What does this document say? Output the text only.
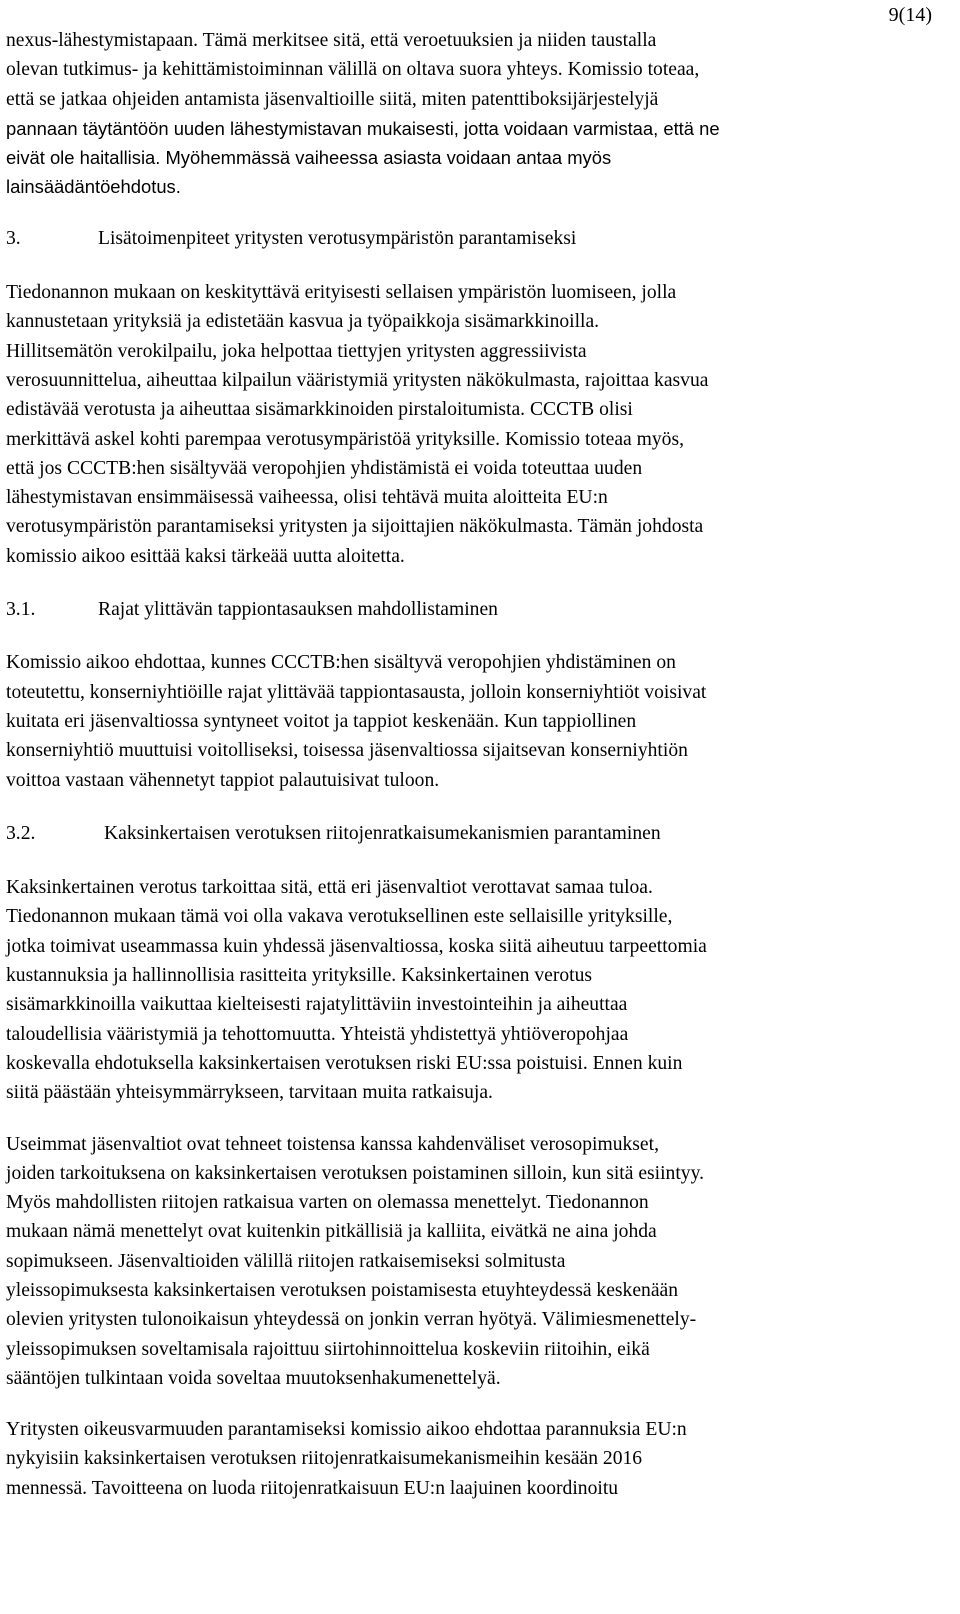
9(14)
nexus-lähestymistapaan. Tämä merkitsee sitä, että veroetuuksien ja niiden taustalla
olevan tutkimus- ja kehittämistoiminnan välillä on oltava suora yhteys. Komissio toteaa,
että se jatkaa ohjeiden antamista jäsenvaltioille siitä, miten patenttiboksijärjestelyjä
pannaan täytäntöön uuden lähestymistavan mukaisesti, jotta voidaan varmistaa, että ne
eivät ole haitallisia. Myöhemmässä vaiheessa asiasta voidaan antaa myös
lainsäädäntöehdotus.
3.	Lisätoimenpiteet yritysten verotusympäristön parantamiseksi
Tiedonannon mukaan on keskityttävä erityisesti sellaisen ympäristön luomiseen, jolla
kannustetaan yrityksiä ja edistetään kasvua ja työpaikkoja sisämarkkinoilla.
Hillitsemätön verokilpailu, joka helpottaa tiettyjen yritysten aggressiivista
verosuunnittelua, aiheuttaa kilpailun vääristymiä yritysten näkökulmasta, rajoittaa kasvua
edistävää verotusta ja aiheuttaa sisämarkkinoiden pirstaloitumista. CCCTB olisi
merkittävä askel kohti parempaa verotusympäristöä yrityksille. Komissio toteaa myös,
että jos CCCTB:hen sisältyvää veropohjien yhdistämistä ei voida toteuttaa uuden
lähestymistavan ensimmäisessä vaiheessa, olisi tehtävä muita aloitteita EU:n
verotusympäristön parantamiseksi yritysten ja sijoittajien näkökulmasta. Tämän johdosta
komissio aikoo esittää kaksi tärkeää uutta aloitetta.
3.1.	Rajat ylittävän tappiontasauksen mahdollistaminen
Komissio aikoo ehdottaa, kunnes CCCTB:hen sisältyvä veropohjien yhdistäminen on
toteutettu, konserniyhtiöille rajat ylittävää tappiontasausta, jolloin konserniyhtiöt voisivat
kuitata eri jäsenvaltiossa syntyneet voitot ja tappiot keskenään. Kun tappiollinen
konserniyhtiö muuttuisi voitolliseksi, toisessa jäsenvaltiossa sijaitsevan konserniyhtiön
voittoa vastaan vähennetyt tappiot palautuisivat tuloon.
3.2.	Kaksinkertaisen verotuksen riitojenratkaisumekanismien parantaminen
Kaksinkertainen verotus tarkoittaa sitä, että eri jäsenvaltiot verottavat samaa tuloa.
Tiedonannon mukaan tämä voi olla vakava verotuksellinen este sellaisille yrityksille,
jotka toimivat useammassa kuin yhdessä jäsenvaltiossa, koska siitä aiheutuu tarpeettomia
kustannuksia ja hallinnollisia rasitteita yrityksille. Kaksinkertainen verotus
sisämarkkinoilla vaikuttaa kielteisesti rajatylittäviin investointeihin ja aiheuttaa
taloudellisia vääristymiä ja tehottomuutta. Yhteistä yhdistettyä yhtiöveropohjaa
koskevalla ehdotuksella kaksinkertaisen verotuksen riski EU:ssa poistuisi. Ennen kuin
siitä päästään yhteisymmärrykseen, tarvitaan muita ratkaisuja.
Useimmat jäsenvaltiot ovat tehneet toistensa kanssa kahdenväliset verosopimukset,
joiden tarkoituksena on kaksinkertaisen verotuksen poistaminen silloin, kun sitä esiintyy.
Myös mahdollisten riitojen ratkaisua varten on olemassa menettelyt. Tiedonannon
mukaan nämä menettelyt ovat kuitenkin pitkällisiä ja kalliita, eivätkä ne aina johda
sopimukseen. Jäsenvaltioiden välillä riitojen ratkaisemiseksi solmitusta
yleissopimuksesta kaksinkertaisen verotuksen poistamisesta etuyhteydessä keskenään
olevien yritysten tulonoikaisun yhteydessä on jonkin verran hyötyä. Välimiesmenettely-
yleissopimuksen soveltamisala rajoittuu siirtohinnoittelua koskeviin riitoihin, eikä
sääntöjen tulkintaan voida soveltaa muutoksenhakumenettelyä.
Yritysten oikeusvarmuuden parantamiseksi komissio aikoo ehdottaa parannuksia EU:n
nykyisiin kaksinkertaisen verotuksen riitojenratkaisumekanismeihin kesään 2016
mennessä. Tavoitteena on luoda riitojenratkaisuun EU:n laajuinen koordinoitu
